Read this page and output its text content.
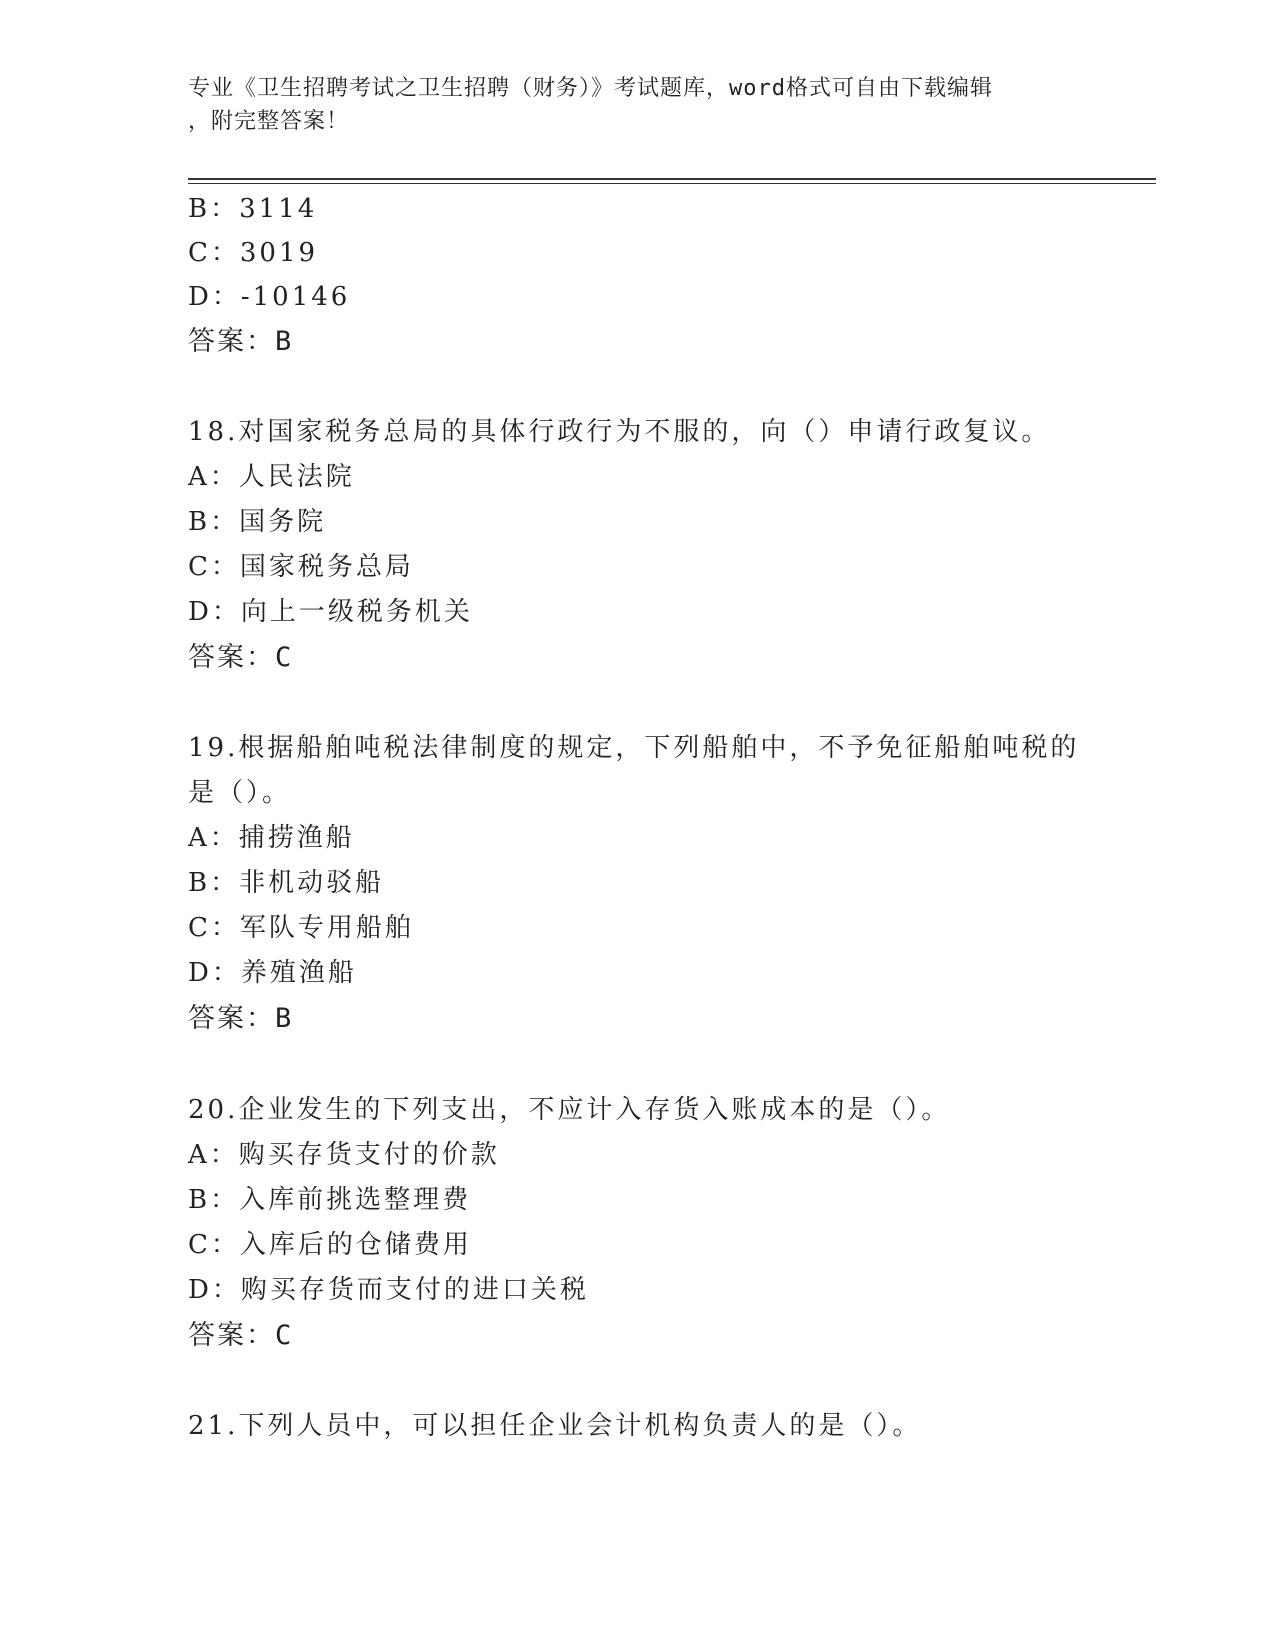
专业《卫生招聘考试之卫生招聘（财务）》考试题库，word格式可自由下载编辑
，附完整答案！
B：3114
C：3019
D：-10146
答案：B
18.对国家税务总局的具体行政行为不服的，向（）申请行政复议。
A：人民法院
B：国务院
C：国家税务总局
D：向上一级税务机关
答案：C
19.根据船舶吨税法律制度的规定，下列船舶中，不予免征船舶吨税的
是（）。
A：捕捞渔船
B：非机动驳船
C：军队专用船舶
D：养殖渔船
答案：B
20.企业发生的下列支出，不应计入存货入账成本的是（）。
A：购买存货支付的价款
B：入库前挑选整理费
C：入库后的仓储费用
D：购买存货而支付的进口关税
答案：C
21.下列人员中，可以担任企业会计机构负责人的是（）。
